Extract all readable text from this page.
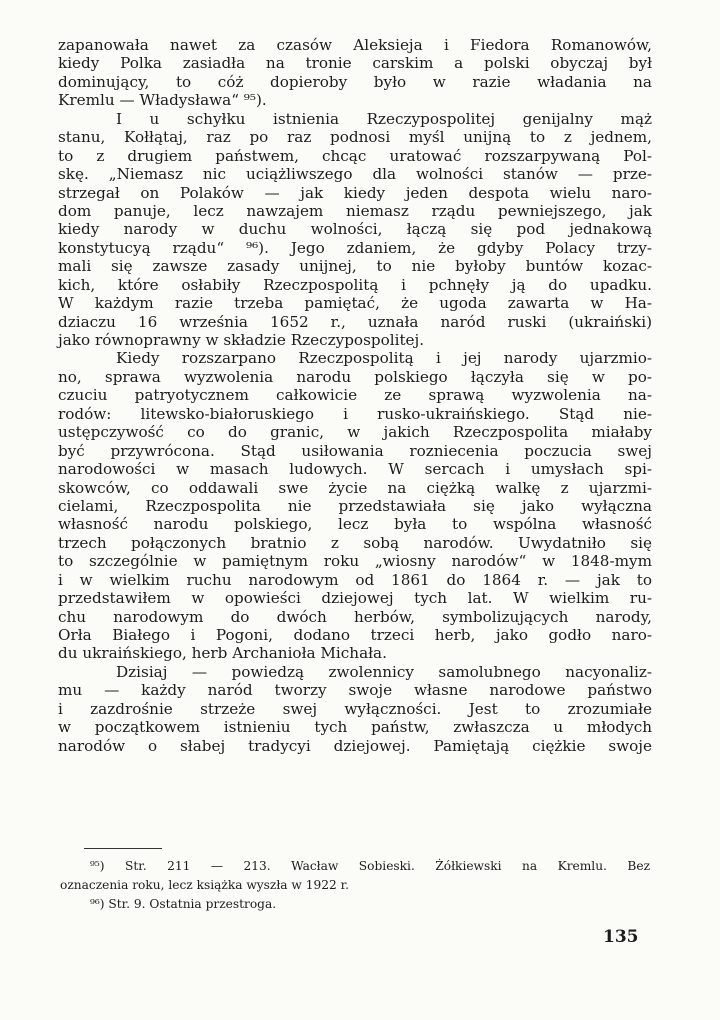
zapanowała nawet za czasów Aleksieja i Fiedora Romanowów,
kiedy Polka zasiadła na tronie carskim a polski obyczaj był
dominujący, to cóż dopieroby było w razie władania na
Kremlu — Władysława“ ⁹⁵).
I u schyłku istnienia Rzeczypospolitej genijalny mąż
stanu, Kołłątaj, raz po raz podnosi myśl unijną to z jednem,
to z drugiem państwem, chcąc uratować rozszarpywaną Pol-
skę. „Niemasz nic uciążliwszego dla wolności stanów — prze-
strzegał on Polaków — jak kiedy jeden despota wielu naro-
dom panuje, lecz nawzajem niemasz rządu pewniejszego, jak
kiedy narody w duchu wolności, łączą się pod jednakową
konstytucyą rządu“ ⁹⁶). Jego zdaniem, że gdyby Polacy trzy-
mali się zawsze zasady unijnej, to nie byłoby buntów kozac-
kich, które osłabiły Rzeczpospolitą i pchnęły ją do upadku.
W każdym razie trzeba pamiętać, że ugoda zawarta w Ha-
dziaczu 16 września 1652 r., uznała naród ruski (ukraiński)
jako równoprawny w składzie Rzeczypospolitej.
Kiedy rozszarpano Rzeczpospolitą i jej narody ujarzmio-
no, sprawa wyzwolenia narodu polskiego łączyła się w po-
czuciu patryotycznem całkowicie ze sprawą wyzwolenia na-
rodów: litewsko-białoruskiego i rusko-ukraińskiego. Stąd nie-
ustępczywość co do granic, w jakich Rzeczpospolita miałaby
być przywrócona. Stąd usiłowania rozniecenia poczucia swej
narodowości w masach ludowych. W sercach i umysłach spi-
skowców, co oddawali swe życie na ciężką walkę z ujarzmi-
cielami, Rzeczpospolita nie przedstawiała się jako wyłączna
własność narodu polskiego, lecz była to wspólna własność
trzech połączonych bratnio z sobą narodów. Uwydatniło się
to szczególnie w pamiętnym roku „wiosny narodów“ w 1848-mym
i w wielkim ruchu narodowym od 1861 do 1864 r. — jak to
przedstawiłem w opowieści dziejowej tych lat. W wielkim ru-
chu narodowym do dwóch herbów, symbolizujących narody,
Orła Białego i Pogoni, dodano trzeci herb, jako godło naro-
du ukraińskiego, herb Archanioła Michała.
Dzisiaj — powiedzą zwolennicy samolubnego nacyonaliz-
mu — każdy naród tworzy swoje własne narodowe państwo
i zazdrośnie strzeże swej wyłączności. Jest to zrozumiałe
w początkowem istnieniu tych państw, zwłaszcza u młodych
narodów o słabej tradycyi dziejowej. Pamiętają ciężkie swoje
⁹⁵) Str. 211 — 213. Wacław Sobieski. Żółkiewski na Kremlu. Bez
oznaczenia roku, lecz książka wyszła w 1922 r.
⁹⁶) Str. 9. Ostatnia przestroga.
135
